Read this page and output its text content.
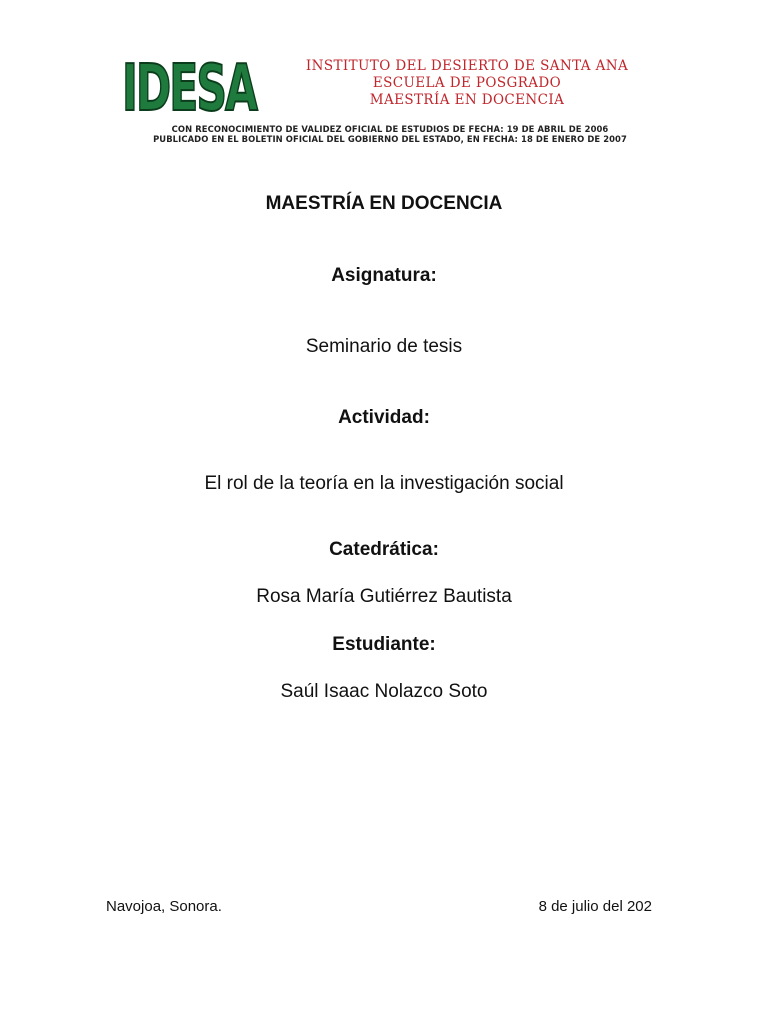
IDESA	INSTITUTO DEL DESIERTO DE SANTA ANA
ESCUELA DE POSGRADO
MAESTRÍA EN DOCENCIA
CON RECONOCIMIENTO DE VALIDEZ OFICIAL DE ESTUDIOS DE FECHA: 19 DE ABRIL DE 2006
PUBLICADO EN EL BOLETIN OFICIAL DEL GOBIERNO DEL ESTADO, EN FECHA: 18 DE ENERO DE 2007
MAESTRÍA EN DOCENCIA
Asignatura:
Seminario de tesis
Actividad:
El rol de la teoría en la investigación social
Catedrática:
Rosa María Gutiérrez Bautista
Estudiante:
Saúl Isaac Nolazco Soto
Navojoa, Sonora.	8 de julio del 202
